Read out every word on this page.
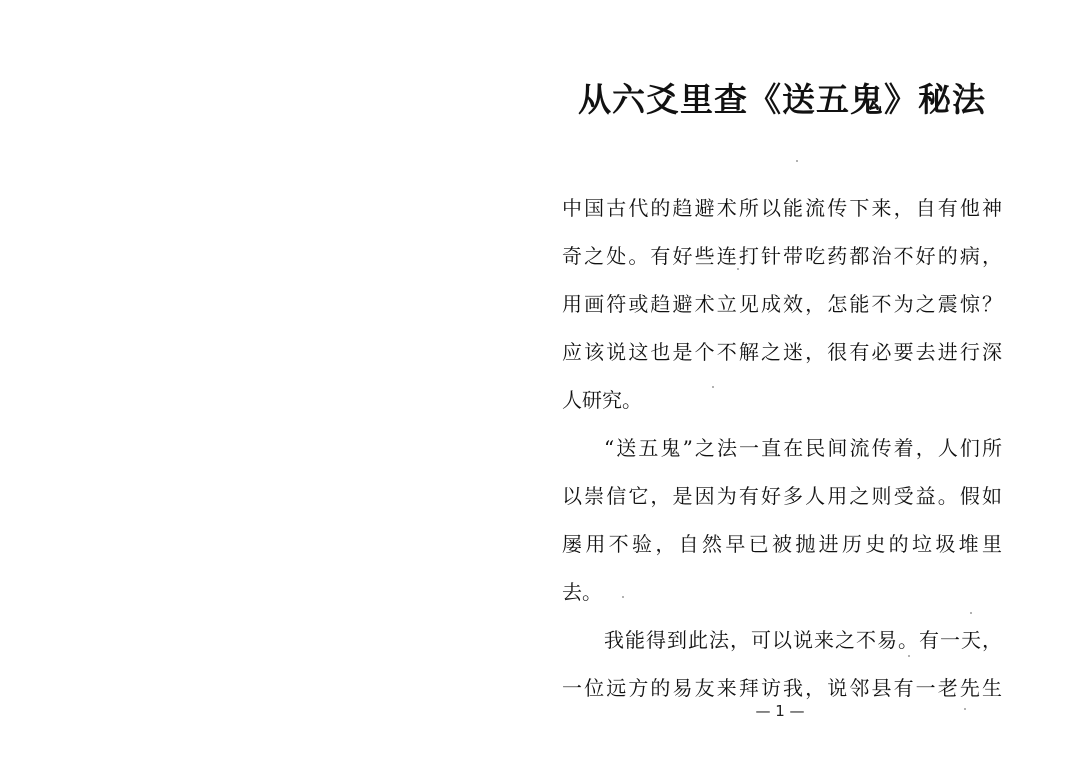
从六爻里查《送五鬼》秘法
中国古代的趋避术所以能流传下来，自有他神
奇之处。有好些连打针带吃药都治不好的病，
用画符或趋避术立见成效，怎能不为之震惊？
应该说这也是个不解之迷，很有必要去进行深
人研究。
“送五鬼”之法一直在民间流传着，人们所
以崇信它，是因为有好多人用之则受益。假如
屡用不验，自然早已被抛进历史的垃圾堆里
去。
我能得到此法，可以说来之不易。有一天，
一位远方的易友来拜访我，说邻县有一老先生
— 1 —
